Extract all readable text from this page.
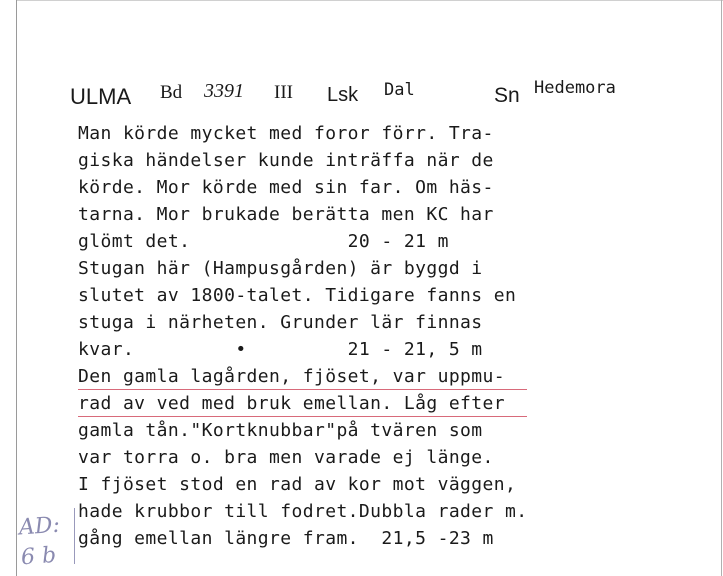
ULMA Bd 3391 III Lsk Dal	Sn Hedemora
Man körde mycket med foror förr. Tra-
giska händelser kunde inträffa när de
körde. Mor körde med sin far. Om häs-
tarna. Mor brukade berätta men KC har
glömt det.              20 - 21 m
Stugan här (Hampusgården) är byggd i
slutet av 1800-talet. Tidigare fanns en
stuga i närheten. Grunder lär finnas
kvar.         •         21 - 21, 5 m
Den gamla lagården, fjöset, var uppmu-
rad av ved med bruk emellan. Låg efter
gamla tån."Kortknubbar"på tvären som
var torra o. bra men varade ej länge.
I fjöset stod en rad av kor mot väggen,
hade krubbor till fodret.Dubbla rader m.
gång emellan längre fram.  21,5 -23 m
AD:
6 b
